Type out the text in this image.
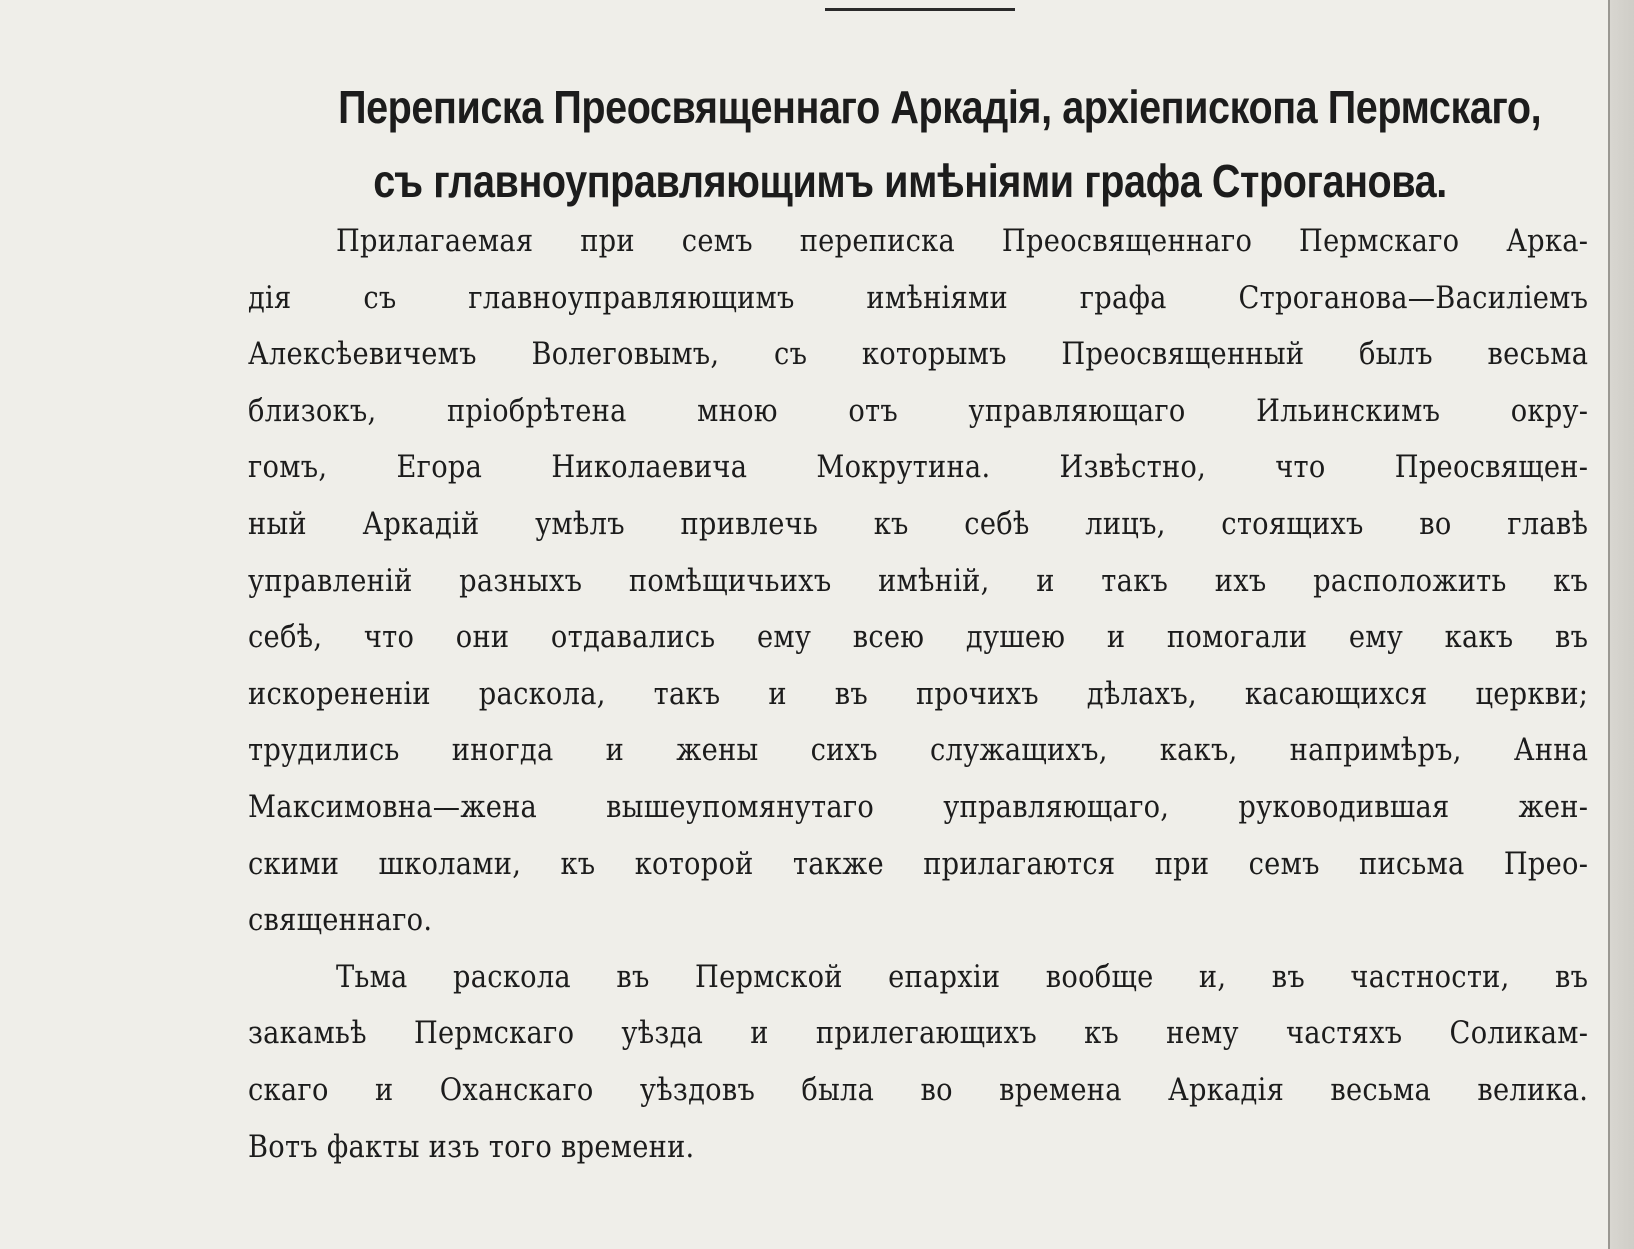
Переписка Преосвященнаго Аркадія, архіепископа Пермскаго,
съ главноуправляющимъ имѣніями графа Строганова.
Прилагаемая при семъ переписка Преосвященнаго Пермскаго Арка-
дія съ главноуправляющимъ имѣніями графа Строганова—Василіемъ
Алексѣевичемъ Волеговымъ, съ которымъ Преосвященный былъ весьма
близокъ, пріобрѣтена мною отъ управляющаго Ильинскимъ окру-
гомъ, Егора Николаевича Мокрутина. Извѣстно, что Преосвящен-
ный Аркадій умѣлъ привлечь къ себѣ лицъ, стоящихъ во главѣ
управленій разныхъ помѣщичьихъ имѣній, и такъ ихъ расположить къ
себѣ, что они отдавались ему всею душею и помогали ему какъ въ
искорененіи раскола, такъ и въ прочихъ дѣлахъ, касающихся церкви;
трудились иногда и жены сихъ служащихъ, какъ, напримѣръ, Анна
Максимовна—жена вышеупомянутаго управляющаго, руководившая жен-
скими школами, къ которой также прилагаются при семъ письма Прео-
священнаго.
Тьма раскола въ Пермской епархіи вообще и, въ частности, въ
закамьѣ Пермскаго уѣзда и прилегающихъ къ нему частяхъ Соликам-
скаго и Оханскаго уѣздовъ была во времена Аркадія весьма велика.
Вотъ факты изъ того времени.
